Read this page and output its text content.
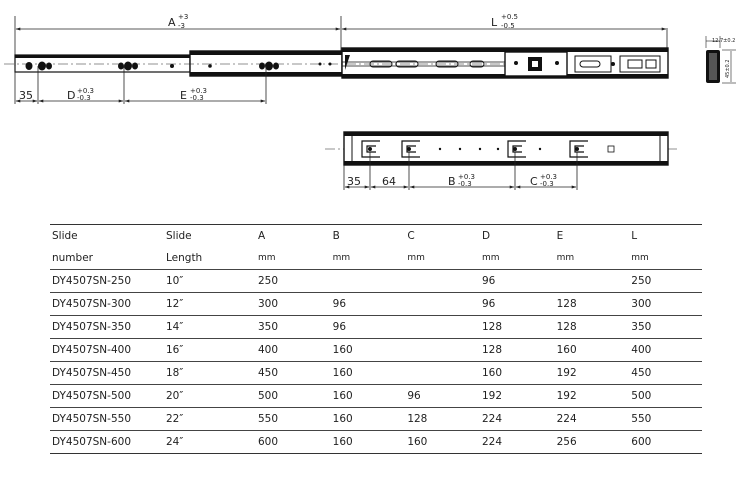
A +3
-3	L +0.5
-0.5
35	D +0.3
-0.3	E +0.3
-0.3
12.7±0.2
45±0.2
35 64	B +0.3
-0.3	C +0.3
-0.3
Slide	Slide	A	B	C	D	E	L
number	Length	mm	mm	mm	mm	mm	mm
DY4507SN-250	10″	250			96		250
DY4507SN-300	12″	300	96		96	128	300
DY4507SN-350	14″	350	96		128	128	350
DY4507SN-400	16″	400	160		128	160	400
DY4507SN-450	18″	450	160		160	192	450
DY4507SN-500	20″	500	160	96	192	192	500
DY4507SN-550	22″	550	160	128	224	224	550
DY4507SN-600	24″	600	160	160	224	256	600
